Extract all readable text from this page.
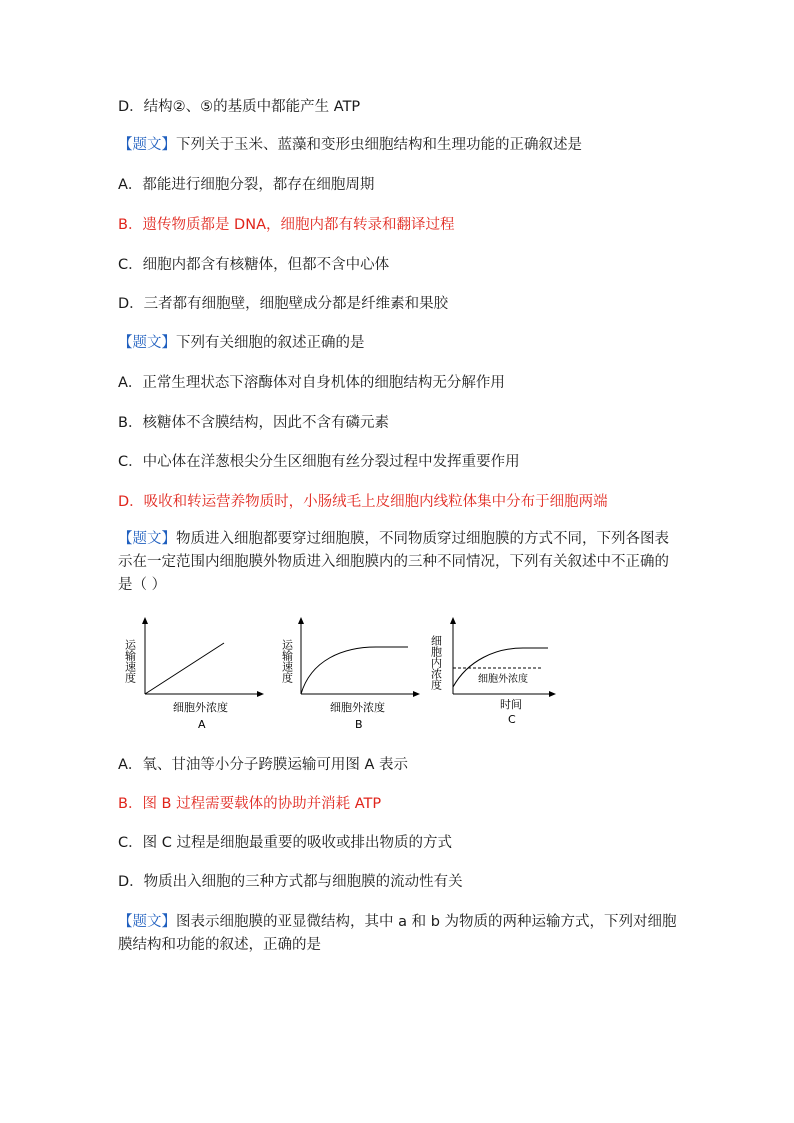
D．结构②、⑤的基质中都能产生 ATP
【题文】下列关于玉米、蓝藻和变形虫细胞结构和生理功能的正确叙述是
A．都能进行细胞分裂，都存在细胞周期
B．遗传物质都是 DNA，细胞内都有转录和翻译过程
C．细胞内都含有核糖体，但都不含中心体
D．三者都有细胞壁，细胞壁成分都是纤维素和果胶
【题文】下列有关细胞的叙述正确的是
A．正常生理状态下溶酶体对自身机体的细胞结构无分解作用
B．核糖体不含膜结构，因此不含有磷元素
C．中心体在洋葱根尖分生区细胞有丝分裂过程中发挥重要作用
D．吸收和转运营养物质时，小肠绒毛上皮细胞内线粒体集中分布于细胞两端
【题文】物质进入细胞都要穿过细胞膜，不同物质穿过细胞膜的方式不同，下列各图表示在一定范围内细胞膜外物质进入细胞膜内的三种不同情况，下列有关叙述中不正确的是（ ）
运输速度
细胞外浓度
A
运输速度
细胞外浓度
B
细胞内浓度	细胞外浓度
时间
C
A．氧、甘油等小分子跨膜运输可用图 A 表示
B．图 B 过程需要载体的协助并消耗 ATP
C．图 C 过程是细胞最重要的吸收或排出物质的方式
D．物质出入细胞的三种方式都与细胞膜的流动性有关
【题文】图表示细胞膜的亚显微结构，其中 a 和 b 为物质的两种运输方式，下列对细胞膜结构和功能的叙述，正确的是
